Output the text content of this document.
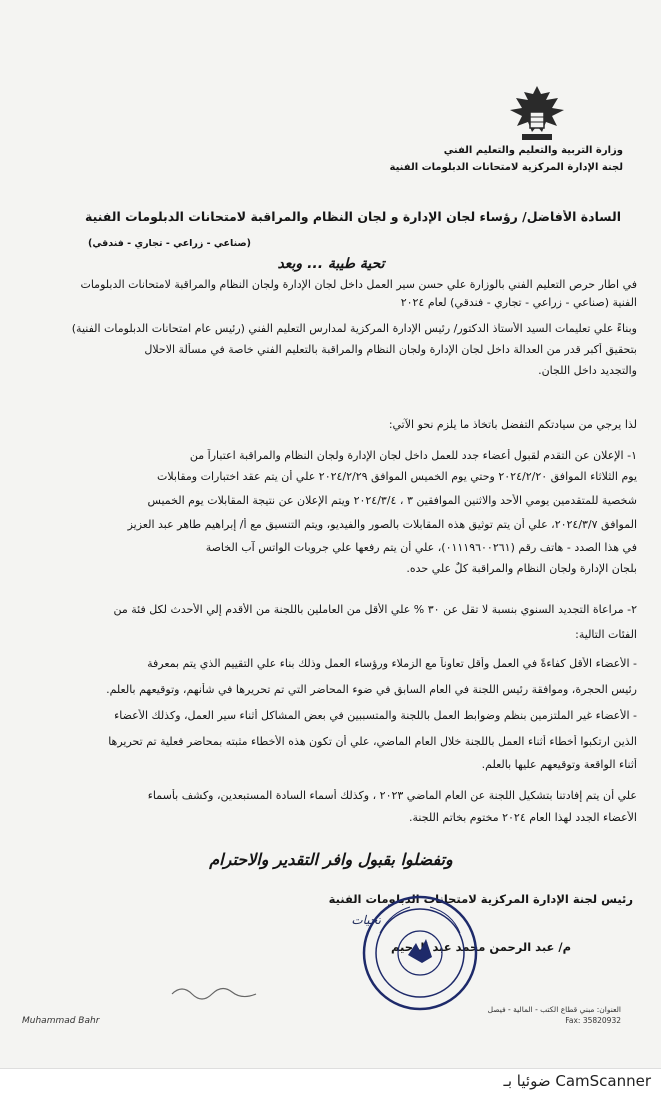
وزارة التربية والتعليم والتعليم الفني
لجنة الإدارة المركزية لامتحانات الدبلومات الفنية
السادة الأفاضل/ رؤساء لجان الإدارة و لجان النظام والمراقبة لامتحانات الدبلومات الفنية
(صناعي - زراعي - تجاري - فندقي)
تحية طيبة ... وبعد
في اطار حرص التعليم الفني بالوزارة علي حسن سير العمل داخل لجان الإدارة ولجان النظام والمراقبة لامتحانات الدبلومات
الفنية (صناعي - زراعي - تجاري - فندقي) لعام ٢٠٢٤
وبناءً علي تعليمات السيد الأستاذ الدكتور/ رئيس الإدارة المركزية لمدارس التعليم الفني (رئيس عام امتحانات الدبلومات الفنية)
بتحقيق أكبر قدر من العدالة داخل لجان الإدارة ولجان النظام والمراقبة بالتعليم الفني خاصة في مسألة الاحلال
والتجديد داخل اللجان.
لذا يرجي من سيادتكم التفضل باتخاذ ما يلزم نحو الآتي:
١- الإعلان عن التقدم لقبول أعضاء جدد للعمل داخل لجان الإدارة ولجان النظام والمراقبة اعتباراً من
يوم الثلاثاء الموافق ٢٠٢٤/٢/٢٠ وحتي يوم الخميس الموافق ٢٠٢٤/٢/٢٩ علي أن يتم عقد اختبارات ومقابلات
شخصية للمتقدمين يومي الأحد والاثنين الموافقين ٣ ، ٢٠٢٤/٣/٤ ويتم الإعلان عن نتيجة المقابلات يوم الخميس
الموافق ٢٠٢٤/٣/٧، علي أن يتم توثيق هذه المقابلات بالصور والفيديو، ويتم التنسيق مع أ/ إبراهيم طاهر عبد العزيز
في هذا الصدد - هاتف رقم (٠١١١٩٦٠٠٢٦١)، علي أن يتم رفعها علي جروبات الواتس آب الخاصة
بلجان الإدارة ولجان النظام والمراقبة كلٌ علي حده.
٢- مراعاة التجديد السنوي بنسبة لا تقل عن ٣٠ % علي الأقل من العاملين باللجنة من الأقدم إلي الأحدث لكل فئة من
الفئات التالية:
- الأعضاء الأقل كفاءةً في العمل وأقل تعاوناً مع الزملاء ورؤساء العمل وذلك بناء علي التقييم الذي يتم بمعرفة
رئيس الحجرة، وموافقة رئيس اللجنة في العام السابق في ضوء المحاضر التي تم تحريرها في شأنهم، وتوقيعهم بالعلم.
- الأعضاء غير الملتزمين بنظم وضوابط العمل باللجنة والمتسببين في بعض المشاكل أثناء سير العمل، وكذلك الأعضاء
الذين ارتكبوا أخطاء أثناء العمل باللجنة خلال العام الماضي، علي أن تكون هذه الأخطاء مثبته بمحاضر فعلية تم تحريرها
أثناء الواقعة وتوقيعهم عليها بالعلم.
علي أن يتم إفادتنا بتشكيل اللجنة عن العام الماضي ٢٠٢٣ ، وكذلك أسماء السادة المستبعدين، وكشف بأسماء
الأعضاء الجدد لهذا العام ٢٠٢٤ مختوم بخاتم اللجنة.
وتفضلوا بقبول وافر التقدير والاحترام
رئيس لجنة الإدارة المركزية لامتحانات الدبلومات الفنية
تحيات
م/ عبد الرحمن محمد عبد الرحيم
Muhammad Bahr
العنوان: مبني قطاع الكتب - المالية - فيصل
35820932 :Fax
ضوئيا بـ CamScanner
